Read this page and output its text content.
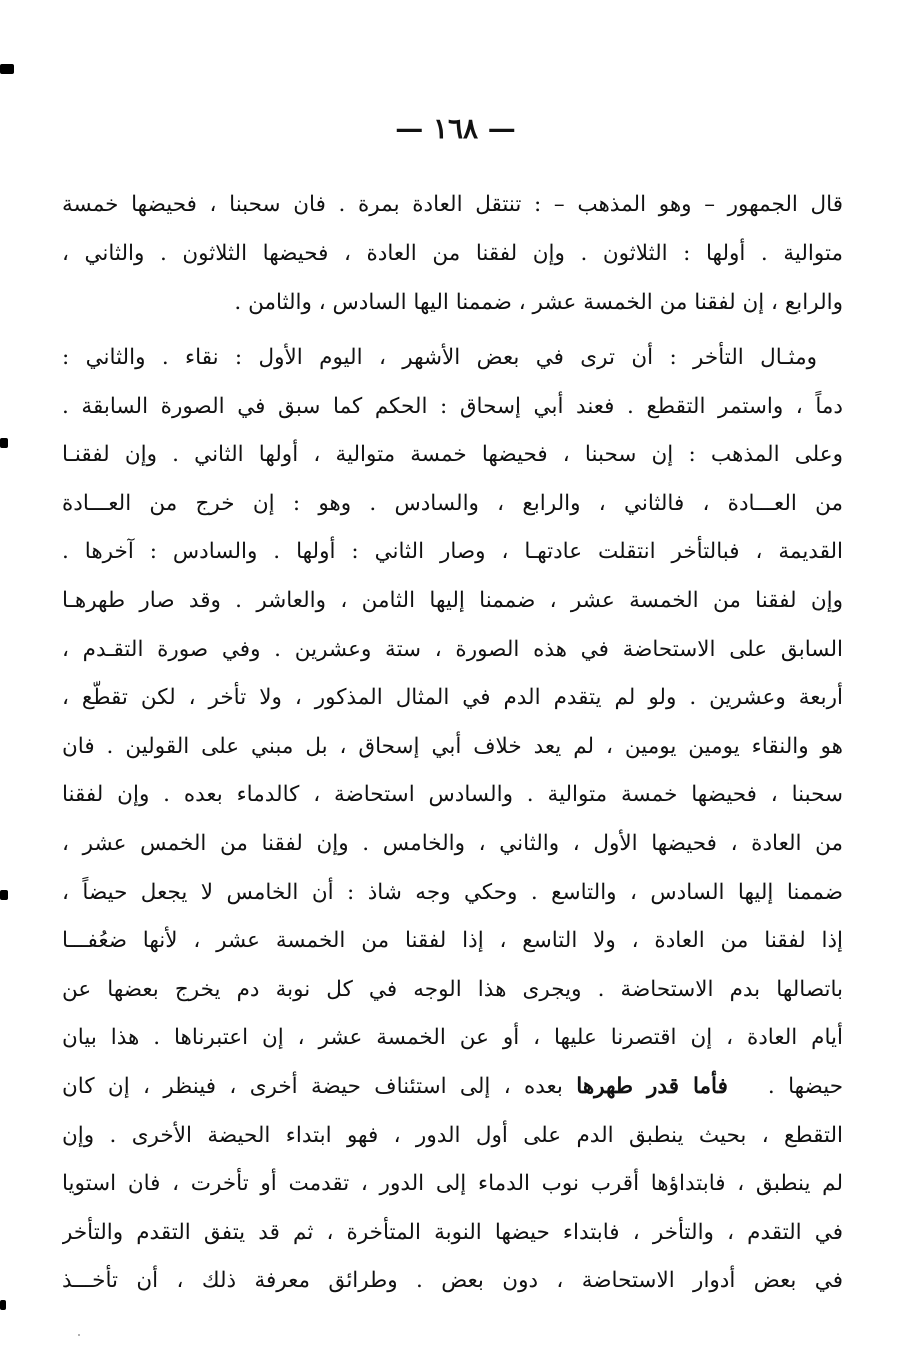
— ١٦٨ —
قال الجمهور – وهو المذهب – : تنتقل العادة بمرة . فان سحبنا ، فحيضها خمسة
متوالية . أولها : الثلاثون . وإن لفقنا من العادة ، فحيضها الثلاثون . والثاني ،
والرابع ، إن لفقنا من الخمسة عشر ، ضممنا اليها السادس ، والثامن .
ومثـال التأخر : أن ترى في بعض الأشهر ، اليوم الأول : نقاء . والثاني :
دماً ، واستمر التقطع . فعند أبي إسحاق : الحكم كما سبق في الصورة السابقة .
وعلى المذهب : إن سحبنا ، فحيضها خمسة متوالية ، أولها الثاني . وإن لفقنـا
من العـــادة ، فالثاني ، والرابع ، والسادس . وهو : إن خرج من العـــادة
القديمة ، فبالتأخر انتقلت عادتهـا ، وصار الثاني : أولها . والسادس : آخرها .
وإن لفقنا من الخمسة عشر ، ضممنا إليها الثامن ، والعاشر . وقد صار طهرهـا
السابق على الاستحاضة في هذه الصورة ، ستة وعشرين . وفي صورة التقـدم ،
أربعة وعشرين . ولو لم يتقدم الدم في المثال المذكور ، ولا تأخر ، لكن تقطّع ،
هو والنقاء يومين يومين ، لم يعد خلاف أبي إسحاق ، بل مبني على القولين . فان
سحبنا ، فحيضها خمسة متوالية . والسادس استحاضة ، كالدماء بعده . وإن لفقنا
من العادة ، فحيضها الأول ، والثاني ، والخامس . وإن لفقنا من الخمس عشر ،
ضممنا إليها السادس ، والتاسع . وحكي وجه شاذ : أن الخامس لا يجعل حيضاً ،
إذا لفقنا من العادة ، ولا التاسع ، إذا لفقنا من الخمسة عشر ، لأنها ضعُفـــا
باتصالها بدم الاستحاضة . ويجرى هذا الوجه في كل نوبة دم يخرج بعضها عن
أيام العادة ، إن اقتصرنا عليها ، أو عن الخمسة عشر ، إن اعتبرناها . هذا بيان
حيضها .   فأما قدر طهرها بعده ، إلى استئناف حيضة أخرى ، فينظر ، إن كان
التقطع ، بحيث ينطبق الدم على أول الدور ، فهو ابتداء الحيضة الأخرى . وإن
لم ينطبق ، فابتداؤها أقرب نوب الدماء إلى الدور ، تقدمت أو تأخرت ، فان استويا
في التقدم ، والتأخر ، فابتداء حيضها النوبة المتأخرة ، ثم قد يتفق التقدم والتأخر
في بعض أدوار الاستحاضة ، دون بعض . وطرائق معرفة ذلك ، أن تأخـــذ
